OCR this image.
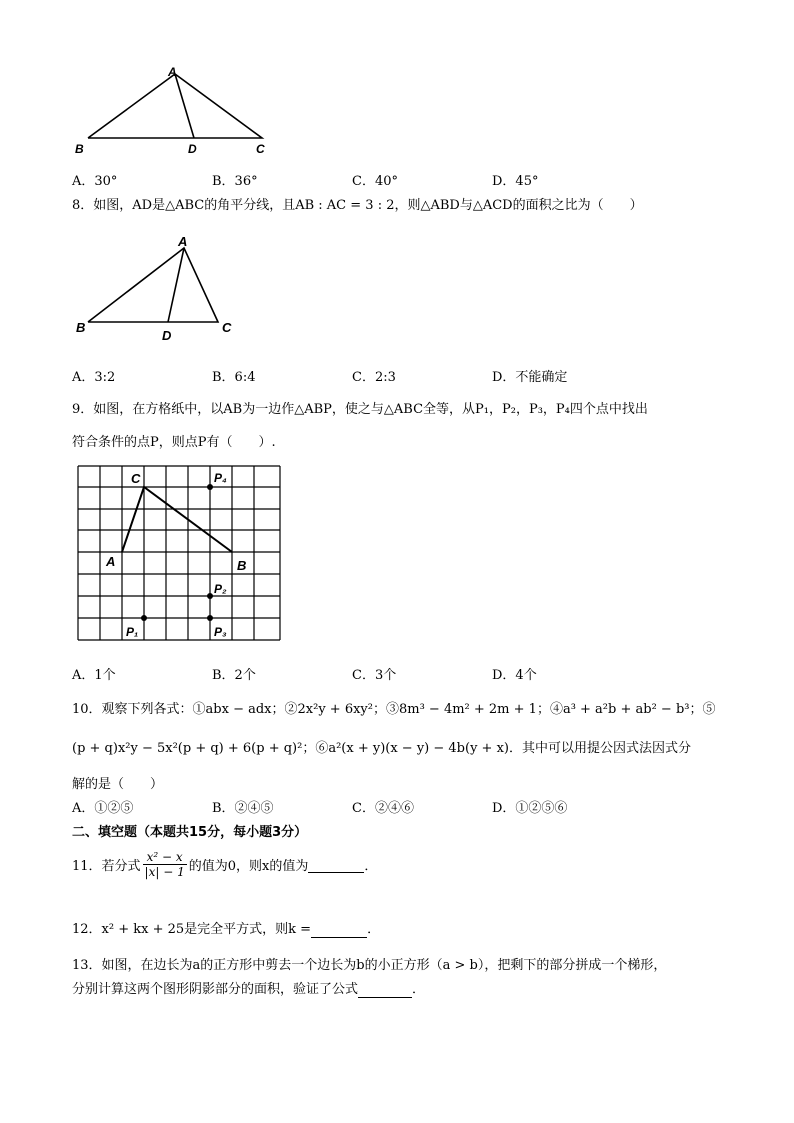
A
B	D	C
A．30°	B．36°	C．40°	D．45°
8．如图，AD是△ABC的角平分线，且AB : AC = 3 : 2，则△ABD与△ACD的面积之比为（　　）
A
B
D
C
A．3:2	B．6:4	C．2:3	D．不能确定
9．如图，在方格纸中，以AB为一边作△ABP，使之与△ABC全等，从P₁，P₂，P₃，P₄四个点中找出
符合条件的点P，则点P有（　　）.
C
A	B
P₄
P₂
P₁	P₃
A．1个	B．2个	C．3个	D．4个
10．观察下列各式：①abx − adx；②2x²y + 6xy²；③8m³ − 4m² + 2m + 1；④a³ + a²b + ab² − b³；⑤
(p + q)x²y − 5x²(p + q) + 6(p + q)²；⑥a²(x + y)(x − y) − 4b(y + x)．其中可以用提公因式法因式分
解的是（　　）
A．①②⑤	B．②④⑤	C．②④⑥	D．①②⑤⑥
二、填空题（本题共15分，每小题3分）
11．若分式 $\frac{\text{x² − x}}{|x| - 1}$ 的值为0，则x的值为	．
12．x² + kx + 25是完全平方式，则k =	．
13．如图，在边长为a的正方形中剪去一个边长为b的小正方形（a > b），把剩下的部分拼成一个梯形，
分别计算这两个图形阴影部分的面积，验证了公式	．
